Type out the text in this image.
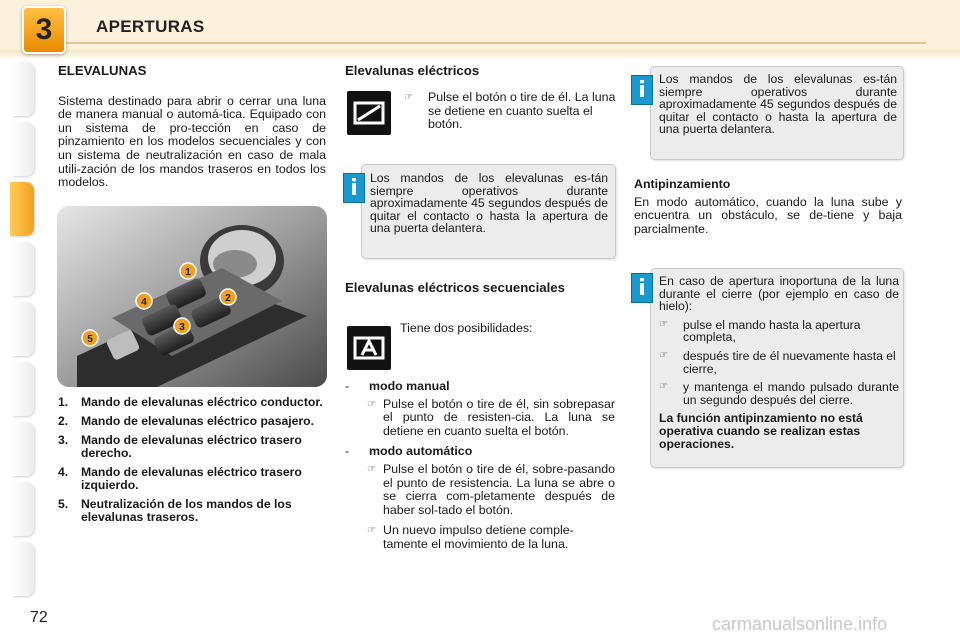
3	APERTURAS
ELEVALUNAS
Sistema destinado para abrir o cerrar una luna de manera manual o automá-tica. Equipado con un sistema de pro-tección en caso de pinzamiento en los modelos secuenciales y con un sistema de neutralización en caso de mala utili-zación de los mandos traseros en todos los modelos.
1
2
3
4
5
1.	Mando de elevalunas eléctrico conductor.
2.	Mando de elevalunas eléctrico pasajero.
3.	Mando de elevalunas eléctrico trasero derecho.
4.	Mando de elevalunas eléctrico trasero izquierdo.
5.	Neutralización de los mandos de los elevalunas traseros.
Elevalunas eléctricos
☞	Pulse el botón o tire de él. La luna se detiene en cuanto suelta el botón.
Los mandos de los elevalunas es-tán siempre operativos durante aproximadamente 45 segundos después de quitar el contacto o hasta la apertura de una puerta delantera.
i
Elevalunas eléctricos secuenciales
Tiene dos posibilidades:
-	modo manual
☞ Pulse el botón o tire de él, sin sobrepasar el punto de resisten-cia. La luna se detiene en cuanto suelta el botón.
-	modo automático
☞ Pulse el botón o tire de él, sobre-pasando el punto de resistencia. La luna se abre o se cierra com-pletamente después de haber sol-tado el botón.
☞ Un nuevo impulso detiene comple-tamente el movimiento de la luna.
Los mandos de los elevalunas es-tán siempre operativos durante aproximadamente 45 segundos después de quitar el contacto o hasta la apertura de una puerta delantera.
i
Antipinzamiento
En modo automático, cuando la luna sube y encuentra un obstáculo, se de-tiene y baja parcialmente.
En caso de apertura inoportuna de la luna durante el cierre (por ejemplo en caso de hielo):
☞	pulse el mando hasta la apertura completa,
☞	después tire de él nuevamente hasta el cierre,
☞	y mantenga el mando pulsado durante un segundo después del cierre.
La función antipinzamiento no está operativa cuando se realizan estas operaciones.
i
72	carmanualsonline.info
